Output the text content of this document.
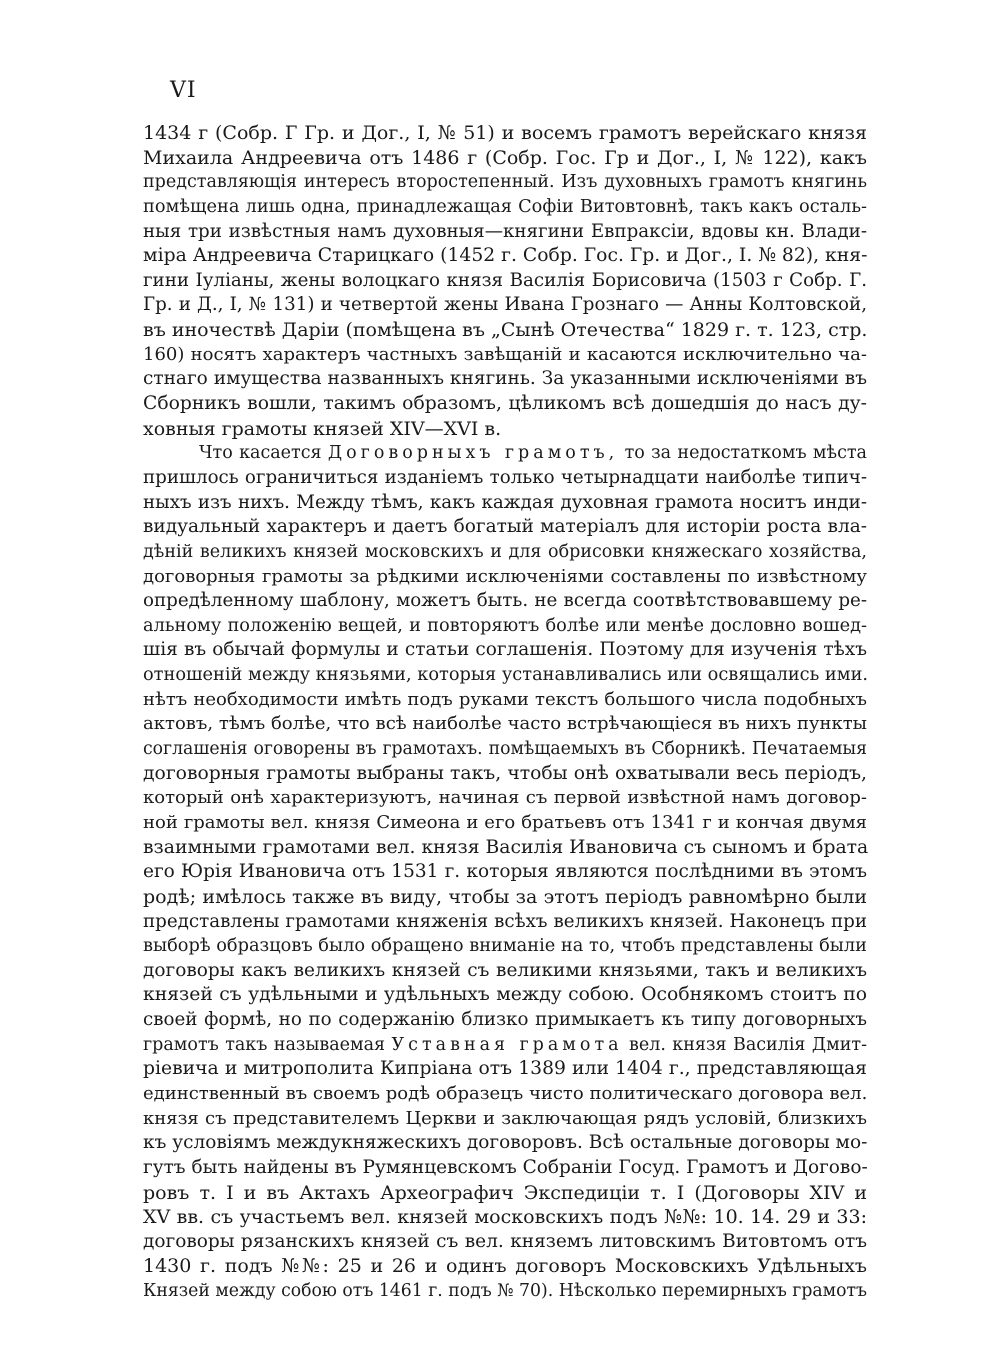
VI
1434 г (Собр. Г Гр. и Дог., I, № 51) и восемъ грамотъ верейскаго князя
Михаила Андреевича отъ 1486 г (Собр. Гос. Гр и Дог., I, № 122), какъ
представляющія интересъ второстепенный. Изъ духовныхъ грамотъ княгинь
помѣщена лишь одна, принадлежащая Софіи Витовтовнѣ, такъ какъ осталь-
ныя три извѣстныя намъ духовныя—княгини Евпраксіи, вдовы кн. Влади-
міра Андреевича Старицкаго (1452 г. Собр. Гос. Гр. и Дог., I. № 82), кня-
гини Іуліаны, жены волоцкаго князя Василія Борисовича (1503 г Собр. Г.
Гр. и Д., I, № 131) и четвертой жены Ивана Грознаго — Анны Колтовской,
въ иночествѣ Даріи (помѣщена въ „Сынѣ Отечества“ 1829 г. т. 123, стр.
160) носятъ характеръ частныхъ завѣщаній и касаются исключительно ча-
стнаго имущества названныхъ княгинь. За указанными исключеніями въ
Сборникъ вошли, такимъ образомъ, цѣликомъ всѣ дошедшія до насъ ду-
ховныя грамоты князей XIV—XVI в.
Что касается Договорныхъ грамотъ, то за недостаткомъ мѣста
пришлось ограничиться изданіемъ только четырнадцати наиболѣе типич-
ныхъ изъ нихъ. Между тѣмъ, какъ каждая духовная грамота носитъ инди-
видуальный характеръ и даетъ богатый матеріалъ для исторіи роста вла-
дѣній великихъ князей московскихъ и для обрисовки княжескаго хозяйства,
договорныя грамоты за рѣдкими исключеніями составлены по извѣстному
опредѣленному шаблону, можетъ быть. не всегда соотвѣтствовавшему ре-
альному положенію вещей, и повторяютъ болѣе или менѣе дословно вошед-
шія въ обычай формулы и статьи соглашенія. Поэтому для изученія тѣхъ
отношеній между князьями, которыя устанавливались или освящались ими.
нѣтъ необходимости имѣть подъ руками текстъ большого числа подобныхъ
актовъ, тѣмъ болѣе, что всѣ наиболѣе часто встрѣчающіеся въ нихъ пункты
соглашенія оговорены въ грамотахъ. помѣщаемыхъ въ Сборникѣ. Печатаемыя
договорныя грамоты выбраны такъ, чтобы онѣ охватывали весь періодъ,
который онѣ характеризуютъ, начиная съ первой извѣстной намъ договор-
ной грамоты вел. князя Симеона и его братьевъ отъ 1341 г и кончая двумя
взаимными грамотами вел. князя Василія Ивановича съ сыномъ и брата
его Юрія Ивановича отъ 1531 г. которыя являются послѣдними въ этомъ
родѣ; имѣлось также въ виду, чтобы за этотъ періодъ равномѣрно были
представлены грамотами княженія всѣхъ великихъ князей. Наконецъ при
выборѣ образцовъ было обращено вниманіе на то, чтобъ представлены были
договоры какъ великихъ князей съ великими князьями, такъ и великихъ
князей съ удѣльными и удѣльныхъ между собою. Особнякомъ стоитъ по
своей формѣ, но по содержанію близко примыкаетъ къ типу договорныхъ
грамотъ такъ называемая Уставная грамота вел. князя Василія Дмит-
ріевича и митрополита Кипріана отъ 1389 или 1404 г., представляющая
единственный въ своемъ родѣ образецъ чисто политическаго договора вел.
князя съ представителемъ Церкви и заключающая рядъ условій, близкихъ
къ условіямъ междукняжескихъ договоровъ. Всѣ остальные договоры мо-
гутъ быть найдены въ Румянцевскомъ Собраніи Госуд. Грамотъ и Догово-
ровъ т. I и въ Актахъ Археографич Экспедиціи т. I (Договоры XIV и
XV вв. съ участьемъ вел. князей московскихъ подъ №№: 10. 14. 29 и 33:
договоры рязанскихъ князей съ вел. княземъ литовскимъ Витовтомъ отъ
1430 г. подъ №№: 25 и 26 и одинъ договоръ Московскихъ Удѣльныхъ
Князей между собою отъ 1461 г. подъ № 70). Нѣсколько перемирныхъ грамотъ
